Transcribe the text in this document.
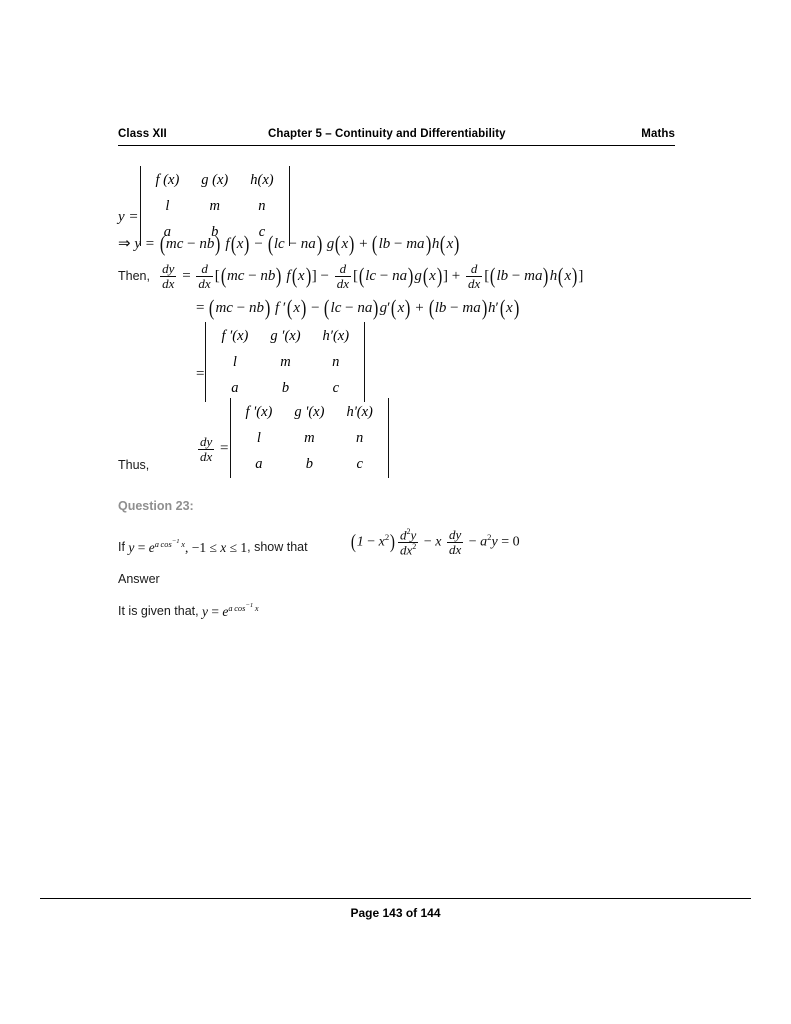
Class XII	Chapter 5 – Continuity and Differentiability	Maths
y =
f (x)	g (x)	h(x)
l	m	n
a	b	c
⇒ y = (mc − nb) f(x) − (lc − na) g(x) + (lb − ma)h(x)
Then, $\frac{dy}{dx} = \frac{d}{dx} [(mc - nb) f(x)] - \frac{d}{dx} [(lc - na)g(x)] + \frac{d}{dx} [(lb - ma)h(x)]$
= (mc − nb) f ′(x) − (lc − na)g′(x) + (lb − ma)h′(x)
=
f ′(x)	g ′(x)	h′(x)
l	m	n
a	b	c
$\frac{dy}{dx}$ =
f '(x)	g '(x)	h'(x)
l	m	n
a	b	c
Thus,
Question 23:
If $y = e^{a cos^{-1} x}$, −1 ≤ x ≤ 1, show that	$(1 - x^2) \frac{d^2y}{dx^2} - x \frac{dy}{dx} - a^2y = 0$
Answer
It is given that, $y = e^{a cos^{-1} x}$
Page 143 of 144
